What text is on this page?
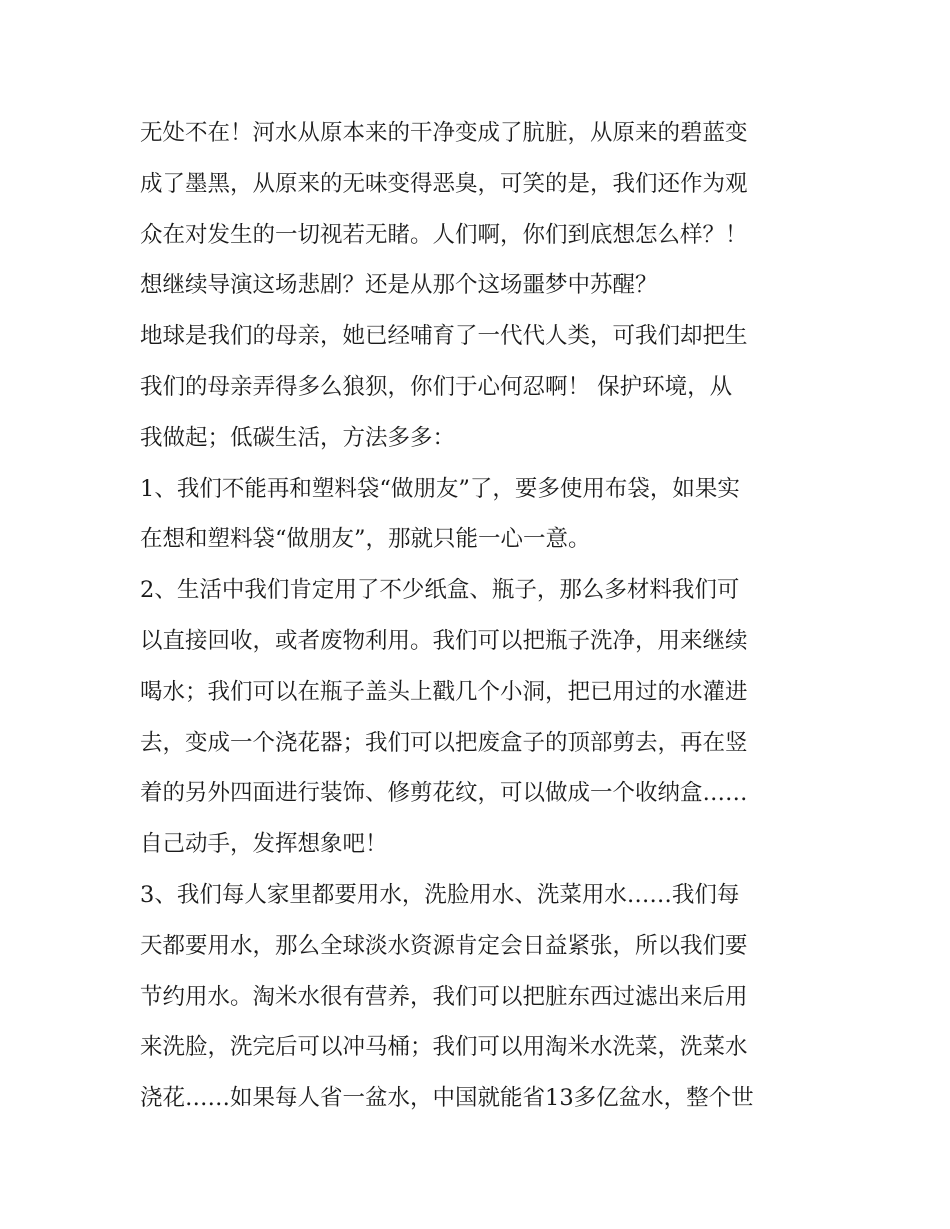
无处不在！河水从原本来的干净变成了肮脏，从原来的碧蓝变
成了墨黑，从原来的无味变得恶臭，可笑的是，我们还作为观
众在对发生的一切视若无睹。人们啊，你们到底想怎么样？！
想继续导演这场悲剧？还是从那个这场噩梦中苏醒？
地球是我们的母亲，她已经哺育了一代代人类，可我们却把生
我们的母亲弄得多么狼狈，你们于心何忍啊！ 保护环境，从
我做起；低碳生活，方法多多：
1、我们不能再和塑料袋“做朋友”了，要多使用布袋，如果实
在想和塑料袋“做朋友”，那就只能一心一意。
2、生活中我们肯定用了不少纸盒、瓶子，那么多材料我们可
以直接回收，或者废物利用。我们可以把瓶子洗净，用来继续
喝水；我们可以在瓶子盖头上戳几个小洞，把已用过的水灌进
去，变成一个浇花器；我们可以把废盒子的顶部剪去，再在竖
着的另外四面进行装饰、修剪花纹，可以做成一个收纳盒……
自己动手，发挥想象吧！
3、我们每人家里都要用水，洗脸用水、洗菜用水……我们每
天都要用水，那么全球淡水资源肯定会日益紧张，所以我们要
节约用水。淘米水很有营养，我们可以把脏东西过滤出来后用
来洗脸，洗完后可以冲马桶；我们可以用淘米水洗菜，洗菜水
浇花……如果每人省一盆水，中国就能省13多亿盆水，整个世
